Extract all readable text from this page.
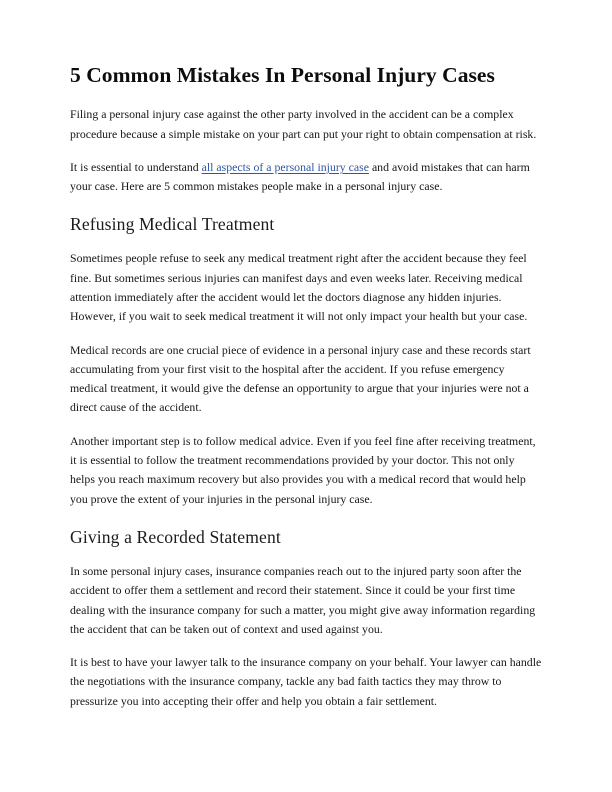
5 Common Mistakes In Personal Injury Cases

Filing a personal injury case against the other party involved in the accident can be a complex procedure because a simple mistake on your part can put your right to obtain compensation at risk.

It is essential to understand all aspects of a personal injury case and avoid mistakes that can harm your case. Here are 5 common mistakes people make in a personal injury case.

Refusing Medical Treatment

Sometimes people refuse to seek any medical treatment right after the accident because they feel fine. But sometimes serious injuries can manifest days and even weeks later. Receiving medical attention immediately after the accident would let the doctors diagnose any hidden injuries. However, if you wait to seek medical treatment it will not only impact your health but your case.

Medical records are one crucial piece of evidence in a personal injury case and these records start accumulating from your first visit to the hospital after the accident. If you refuse emergency medical treatment, it would give the defense an opportunity to argue that your injuries were not a direct cause of the accident.

Another important step is to follow medical advice. Even if you feel fine after receiving treatment, it is essential to follow the treatment recommendations provided by your doctor. This not only helps you reach maximum recovery but also provides you with a medical record that would help you prove the extent of your injuries in the personal injury case.

Giving a Recorded Statement

In some personal injury cases, insurance companies reach out to the injured party soon after the accident to offer them a settlement and record their statement. Since it could be your first time dealing with the insurance company for such a matter, you might give away information regarding the accident that can be taken out of context and used against you.

It is best to have your lawyer talk to the insurance company on your behalf. Your lawyer can handle the negotiations with the insurance company, tackle any bad faith tactics they may throw to pressurize you into accepting their offer and help you obtain a fair settlement.
